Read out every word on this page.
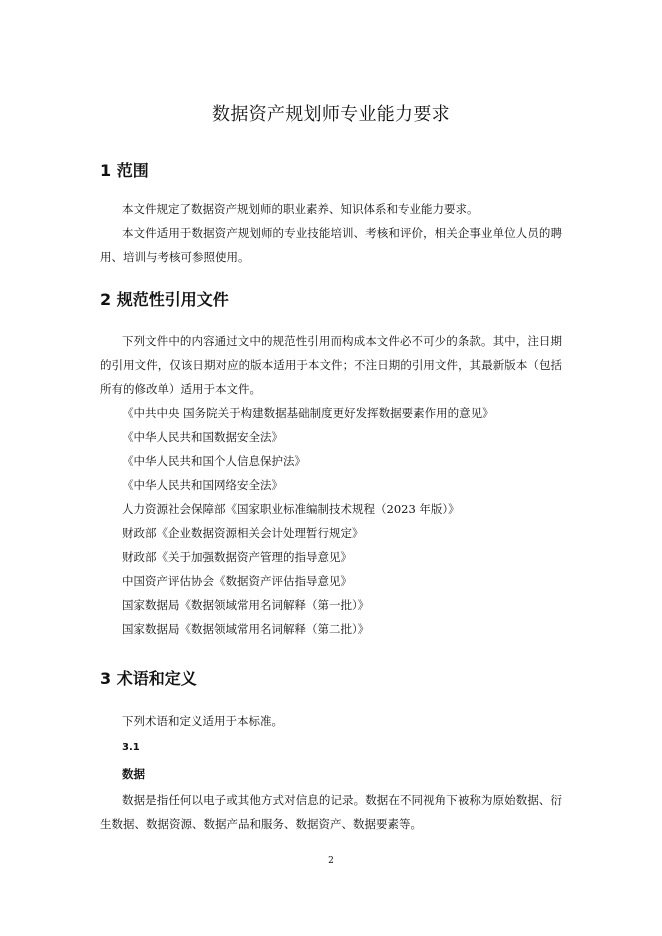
数据资产规划师专业能力要求
1 范围

本文件规定了数据资产规划师的职业素养、知识体系和专业能力要求。

本文件适用于数据资产规划师的专业技能培训、考核和评价，相关企事业单位人员的聘

用、培训与考核可参照使用。

2 规范性引用文件

下列文件中的内容通过文中的规范性引用而构成本文件必不可少的条款。其中，注日期

的引用文件，仅该日期对应的版本适用于本文件；不注日期的引用文件，其最新版本（包括

所有的修改单）适用于本文件。

《中共中央 国务院关于构建数据基础制度更好发挥数据要素作用的意见》

《中华人民共和国数据安全法》

《中华人民共和国个人信息保护法》

《中华人民共和国网络安全法》

人力资源社会保障部《国家职业标准编制技术规程（2023 年版）》

财政部《企业数据资源相关会计处理暂行规定》

财政部《关于加强数据资产管理的指导意见》

中国资产评估协会《数据资产评估指导意见》

国家数据局《数据领域常用名词解释（第一批）》

国家数据局《数据领域常用名词解释（第二批）》

3 术语和定义

下列术语和定义适用于本标准。

3.1

数据

数据是指任何以电子或其他方式对信息的记录。数据在不同视角下被称为原始数据、衍

生数据、数据资源、数据产品和服务、数据资产、数据要素等。

2
